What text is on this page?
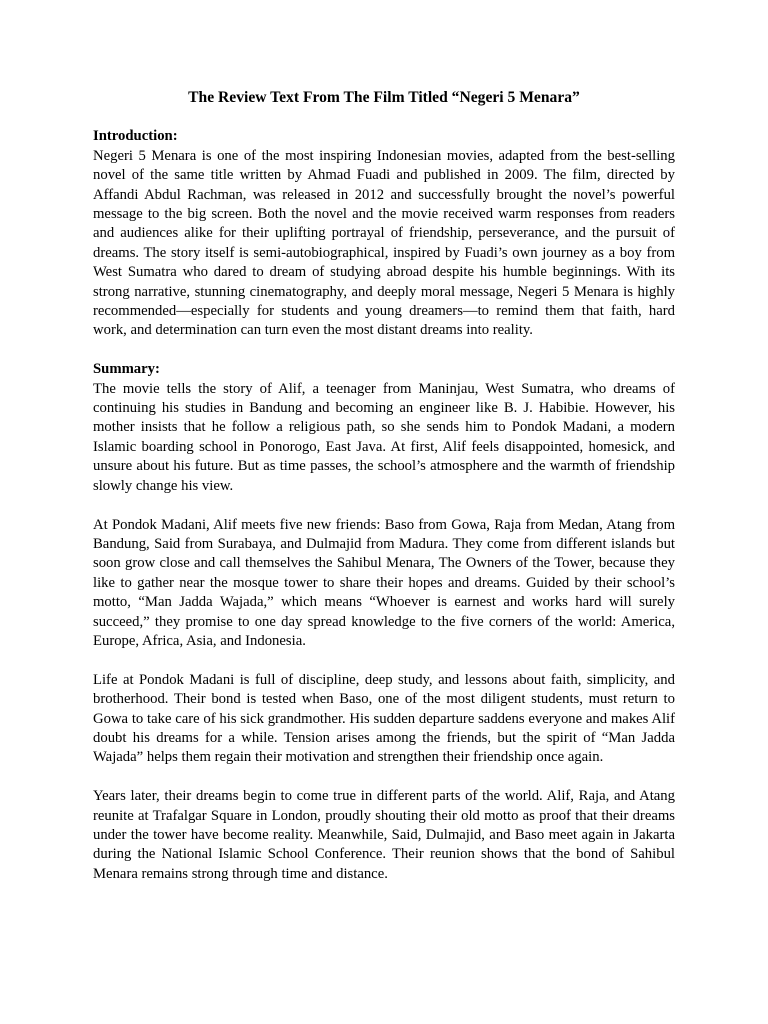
The Review Text From The Film Titled “Negeri 5 Menara”
Introduction:

Negeri 5 Menara is one of the most inspiring Indonesian movies, adapted from the best-selling novel of the same title written by Ahmad Fuadi and published in 2009. The film, directed by Affandi Abdul Rachman, was released in 2012 and successfully brought the novel’s powerful message to the big screen. Both the novel and the movie received warm responses from readers and audiences alike for their uplifting portrayal of friendship, perseverance, and the pursuit of dreams. The story itself is semi-autobiographical, inspired by Fuadi’s own journey as a boy from West Sumatra who dared to dream of studying abroad despite his humble beginnings. With its strong narrative, stunning cinematography, and deeply moral message, Negeri 5 Menara is highly recommended—especially for students and young dreamers—to remind them that faith, hard work, and determination can turn even the most distant dreams into reality.

Summary:

The movie tells the story of Alif, a teenager from Maninjau, West Sumatra, who dreams of continuing his studies in Bandung and becoming an engineer like B. J. Habibie. However, his mother insists that he follow a religious path, so she sends him to Pondok Madani, a modern Islamic boarding school in Ponorogo, East Java. At first, Alif feels disappointed, homesick, and unsure about his future. But as time passes, the school’s atmosphere and the warmth of friendship slowly change his view.

At Pondok Madani, Alif meets five new friends: Baso from Gowa, Raja from Medan, Atang from Bandung, Said from Surabaya, and Dulmajid from Madura. They come from different islands but soon grow close and call themselves the Sahibul Menara, The Owners of the Tower, because they like to gather near the mosque tower to share their hopes and dreams. Guided by their school’s motto, “Man Jadda Wajada,” which means “Whoever is earnest and works hard will surely succeed,” they promise to one day spread knowledge to the five corners of the world: America, Europe, Africa, Asia, and Indonesia.

Life at Pondok Madani is full of discipline, deep study, and lessons about faith, simplicity, and brotherhood. Their bond is tested when Baso, one of the most diligent students, must return to Gowa to take care of his sick grandmother. His sudden departure saddens everyone and makes Alif doubt his dreams for a while. Tension arises among the friends, but the spirit of “Man Jadda Wajada” helps them regain their motivation and strengthen their friendship once again.

Years later, their dreams begin to come true in different parts of the world. Alif, Raja, and Atang reunite at Trafalgar Square in London, proudly shouting their old motto as proof that their dreams under the tower have become reality. Meanwhile, Said, Dulmajid, and Baso meet again in Jakarta during the National Islamic School Conference. Their reunion shows that the bond of Sahibul Menara remains strong through time and distance.
